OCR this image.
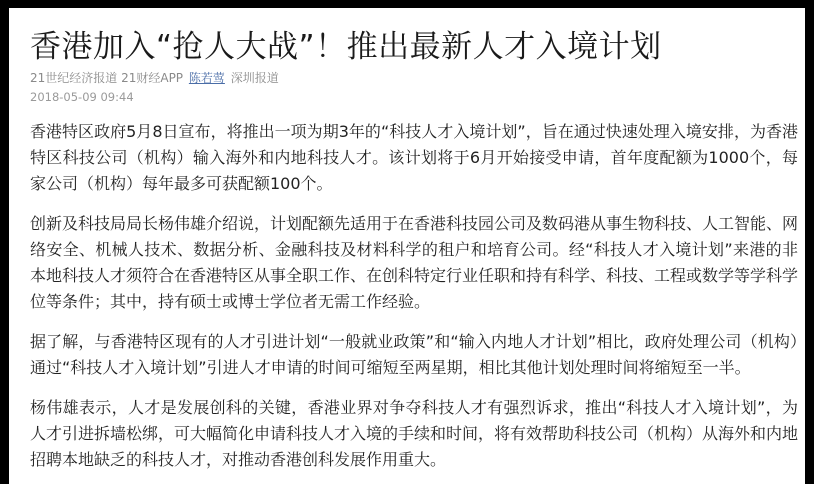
香港加入“抢人大战”！推出最新人才入境计划
21世纪经济报道 21财经APP 陈若莺 深圳报道
2018-05-09 09:44

香港特区政府5月8日宣布，将推出一项为期3年的“科技人才入境计划”，旨在通过快速处理入境安排，为香港特区科技公司（机构）输入海外和内地科技人才。该计划将于6月开始接受申请，首年度配额为1000个，每家公司（机构）每年最多可获配额100个。

创新及科技局局长杨伟雄介绍说，计划配额先适用于在香港科技园公司及数码港从事生物科技、人工智能、网络安全、机械人技术、数据分析、金融科技及材料科学的租户和培育公司。经“科技人才入境计划”来港的非本地科技人才须符合在香港特区从事全职工作、在创科特定行业任职和持有科学、科技、工程或数学等学科学位等条件；其中，持有硕士或博士学位者无需工作经验。

据了解，与香港特区现有的人才引进计划“一般就业政策”和“输入内地人才计划”相比，政府处理公司（机构）通过“科技人才入境计划”引进人才申请的时间可缩短至两星期，相比其他计划处理时间将缩短至一半。

杨伟雄表示，人才是发展创科的关键，香港业界对争夺科技人才有强烈诉求，推出“科技人才入境计划”，为人才引进拆墙松绑，可大幅简化申请科技人才入境的手续和时间，将有效帮助科技公司（机构）从海外和内地招聘本地缺乏的科技人才，对推动香港创科发展作用重大。
